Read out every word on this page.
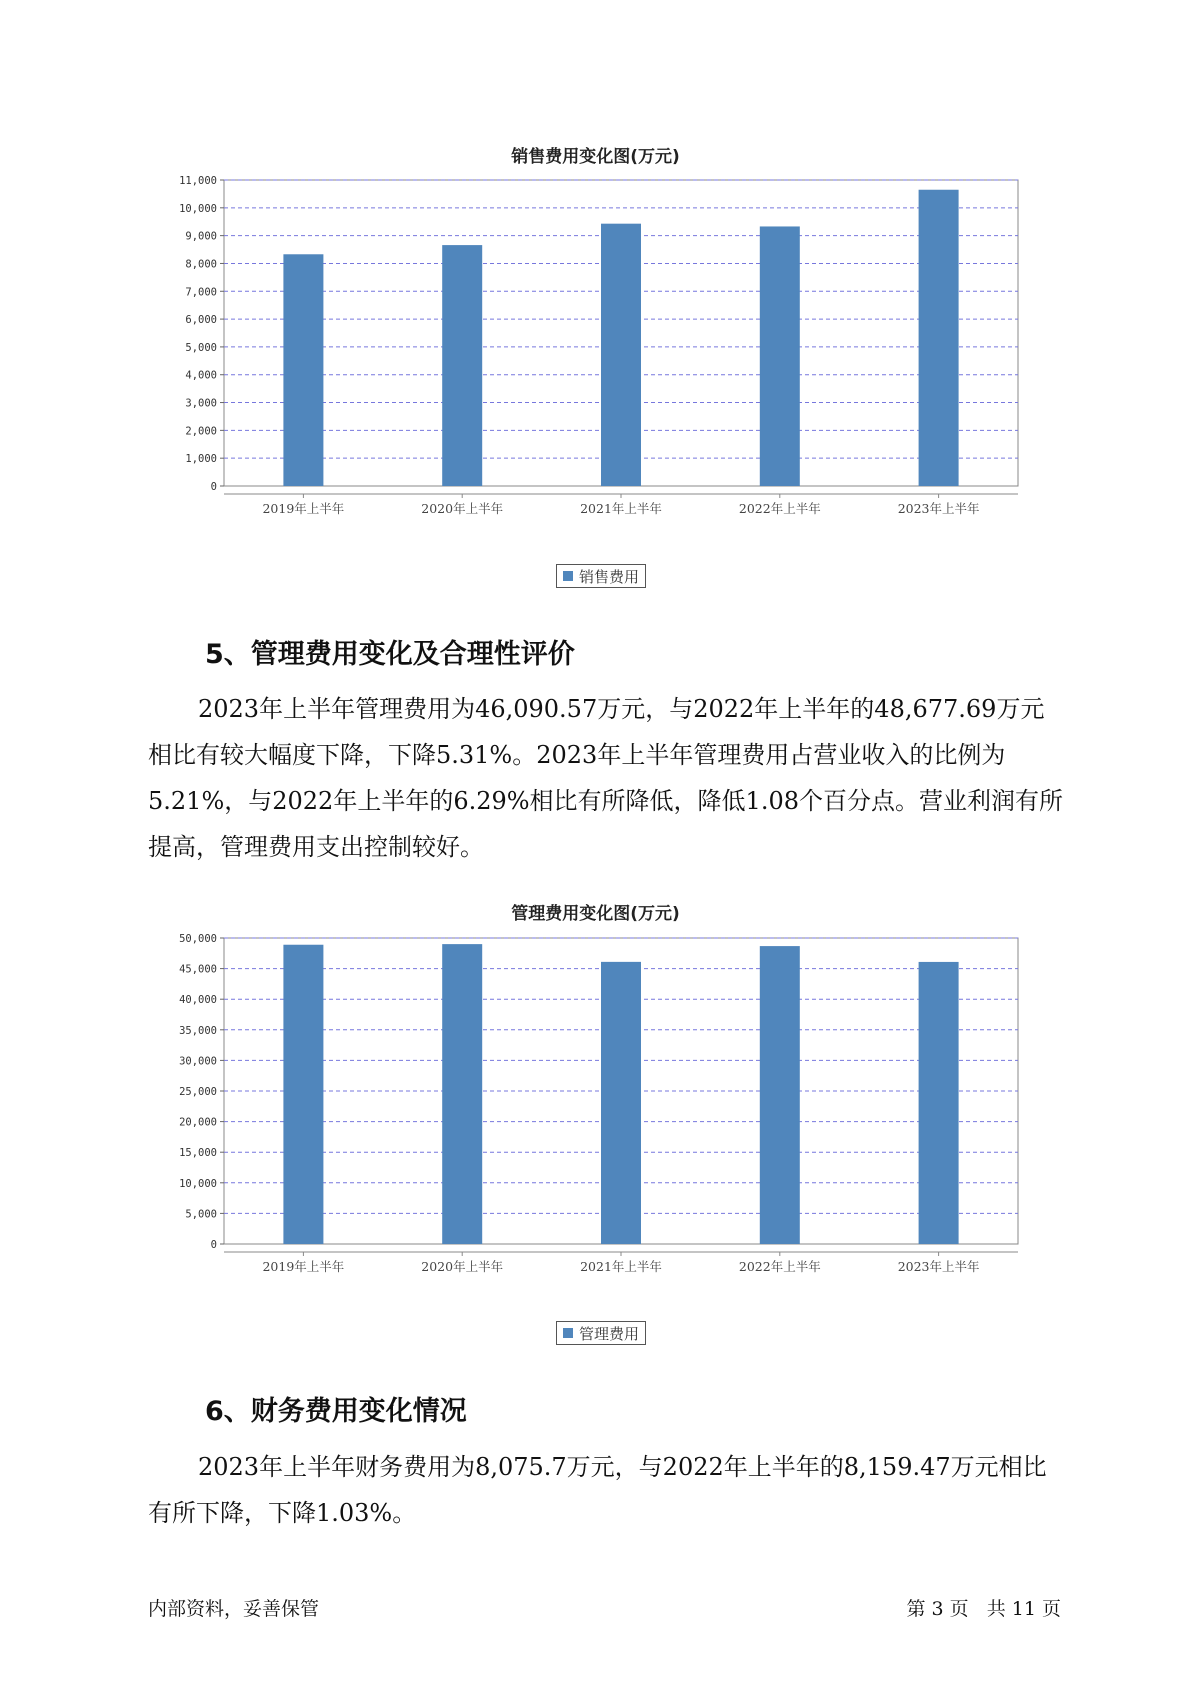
销售费用变化图(万元)
0
1,000
2,000
3,000
4,000
5,000
6,000
7,000
8,000
9,000
10,000
11,000
2019年上半年	2020年上半年	2021年上半年	2022年上半年	2023年上半年
销售费用
5、管理费用变化及合理性评价

2023年上半年管理费用为46,090.57万元，与2022年上半年的48,677.69万元相比有较大幅度下降，下降5.31%。2023年上半年管理费用占营业收入的比例为5.21%，与2022年上半年的6.29%相比有所降低，降低1.08个百分点。营业利润有所提高，管理费用支出控制较好。

管理费用变化图(万元)
0
5,000
10,000
15,000
20,000
25,000
30,000
35,000
40,000
45,000
50,000
2019年上半年	2020年上半年	2021年上半年	2022年上半年	2023年上半年
管理费用
6、财务费用变化情况

2023年上半年财务费用为8,075.7万元，与2022年上半年的8,159.47万元相比有所下降，下降1.03%。

内部资料，妥善保管	第 3 页   共 11 页
